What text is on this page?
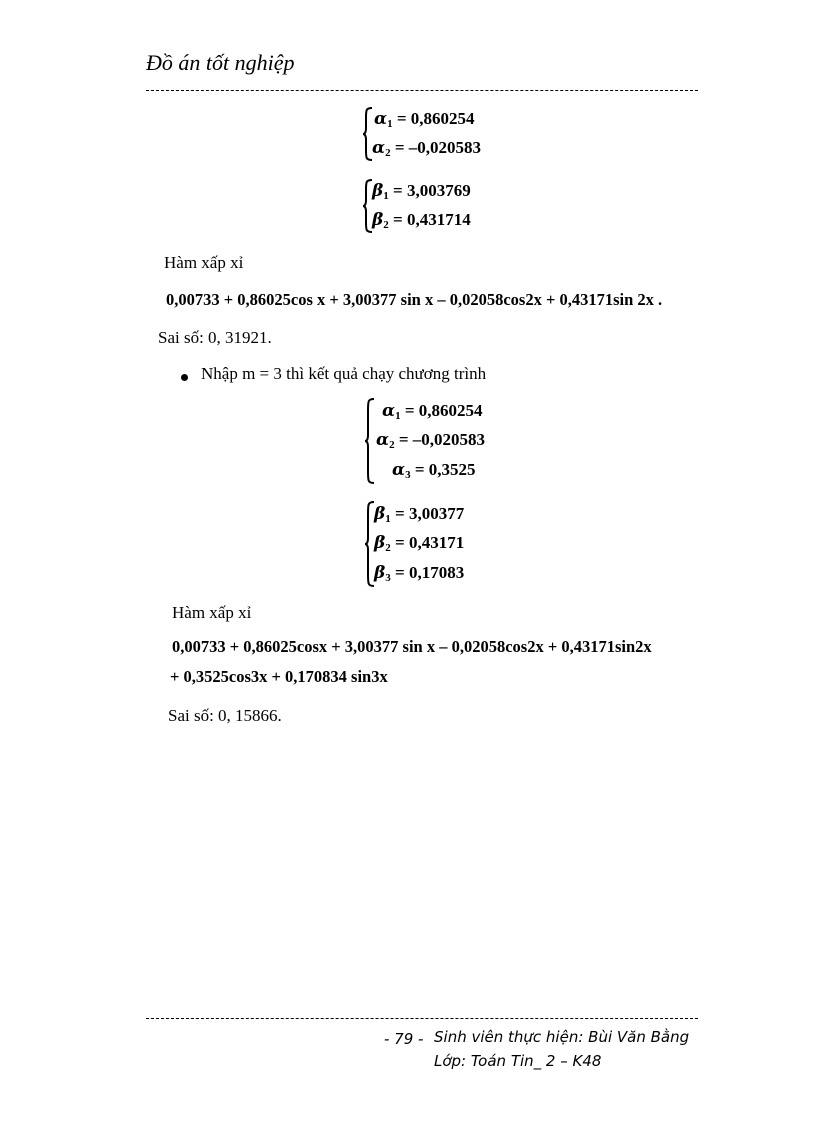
Đồ án tốt nghiệp
$\alpha_1 = 0,860254$
$\alpha_2 = -0,020583$
$\beta_1 = 3,003769$
$\beta_2 = 0,431714$
Hàm xấp xỉ
0,00733 + 0,86025cos x + 3,00377 sin x – 0,02058cos2x + 0,43171sin 2x .
Sai số: 0, 31921.
Nhập m = 3 thì kết quả chạy chương trình
$\alpha_1 = 0,860254$
$\alpha_2 = -0,020583$
$\alpha_3 = 0,3525$
$\beta_1 = 3,00377$
$\beta_2 = 0,43171$
$\beta_3 = 0,17083$
Hàm xấp xỉ
0,00733 + 0,86025cosx + 3,00377 sin x – 0,02058cos2x + 0,43171sin2x
+ 0,3525cos3x + 0,170834 sin3x
Sai số: 0, 15866.
- 79 - Sinh viên thực hiện: Bùi Văn Bằng
Lớp: Toán Tin_ 2 – K48
